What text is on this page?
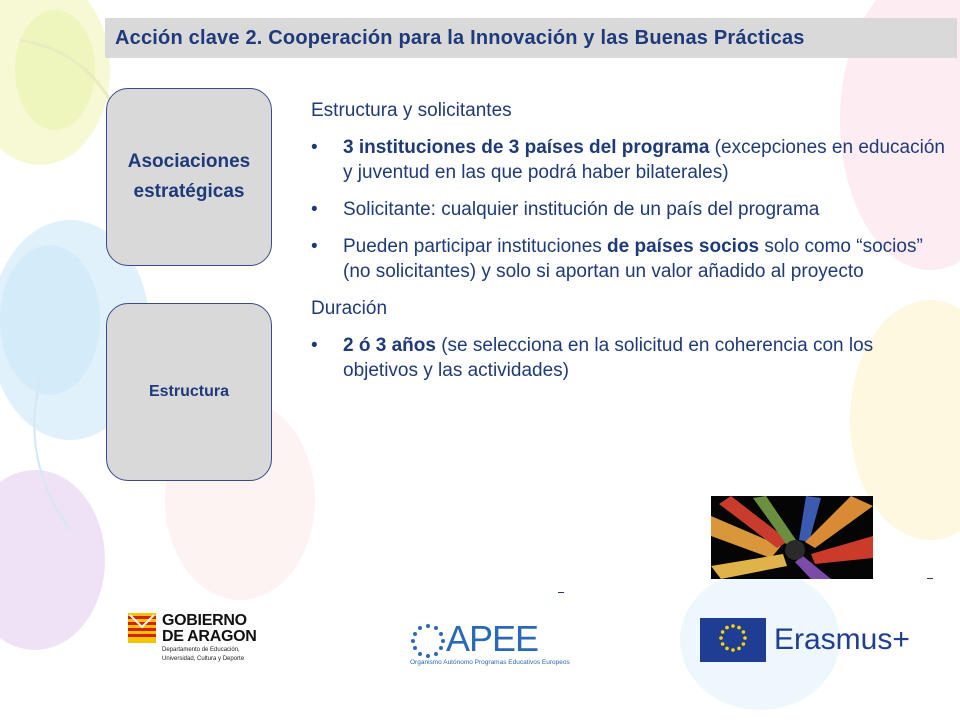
Acción clave 2. Cooperación para la Innovación y las Buenas Prácticas
Asociaciones
estratégicas
Estructura
Estructura y solicitantes
• 3 instituciones de 3 países del programa (excepciones en educación y juventud en las que podrá haber bilaterales)
• Solicitante: cualquier institución de un país del programa
• Pueden participar instituciones de países socios solo como “socios” (no solicitantes) y solo si aportan un valor añadido al proyecto
Duración
• 2 ó 3 años (se selecciona en la solicitud en coherencia con los objetivos y las actividades)
GOBIERNO
DE ARAGON
Departamento de Educación,
Universidad, Cultura y Deporte	APEE
Organismo Autónomo Programas Educativos Europeos
Erasmus+
